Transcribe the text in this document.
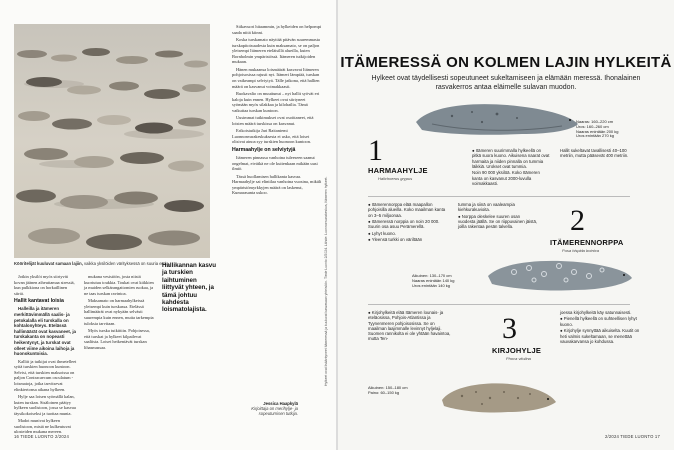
Kööritelijät kuuluvat samaan lajiin, vaikka yksilöiden värityksessä on suuria eroja.

Jotkin yksilöt myös siirtyvät kovan jäänen aiheuttamaa stressiä, kun pulkkiona on horkaillinen siirtä.

Hallit kantavat loisia

Halleilla ja itämeren merkittävimmällä saalis- ja petokalalla eli turskalla on kohtalonyhteys. Etelässä hallimäärät ovat kasvaneet, ja turskakanta on nopeasti heikentynyt, ja turskat ovat olleet viime aikoina laihoja ja huonokuntoisia.

Kalliit ja tutkijat ovat ihmetelleet syitä turskien huonoon kuntoon. Selvisi, että turskien maksoissa on paljon Contracaecum osculatum -loismatoja, jotka tarvitsevat elinkiertonsa aikana hylkeen.

Hylje saa loisen syömällä kalan, kuten turskan. Sisäloinen päätyy hylkeen suolistoon, jossa se kasvaa täysikokoiseksi ja tuottaa munia.

Madot munivat hylkeen suolistoon, mistä ne kulkeutuvat ulosteiden mukana mereen.

mukana vesistöön, josta niistä kuoriutuu toukkia. Toukat ovat kiikkien ja muiden selkärangattomien ruokaa, ja ne taas turskan ravintoa.

Maksamato on harmaahylkeissä yleisempi kuin turskassa. Etelässä hallimäärät ovat nykyään selvästi suurempia kuin ennen, mutta tarkempia tuloksia tarvitaan.

Myös turska tutkittiin. Pohjoisessa, että turskat ja hylkeet kilpailevat saaliista. Loiset heikentävät turskan lihasmassaa.

Hallikannan kasvu ja turskien laihtuminen liittyvät yhteen, ja tämä johtuu kahdesta loismatolajista.

Siikavuori hitaammin, ja hylkeiden on helpompi saada niitä kiinni.

Koska turskamato näyttää pitävän suuremmasta turskapitoisuudesta kuin maksamato, se on paljon yleisempi Itämeren eteläisillä alueilla, kuten Bornholmin ympäristössä. Itämeren tutkijoiden mukaan.

Hänen mukaansa loismäärät kasvavat Itämeren pohjoisosissa rajusti nyt. Itämeri lämpiää, turskan on vaikeampi selviytyä. Tälle jatkona, että hallien määrä on kasvanut voimakkaasti.

Ruokavalio on muuttunut – nyt hallit syövät eri kaloja kuin ennen. Hylkeet ovat siirtyneet syömään myös silakkaa ja kilohailia. Tämä vaikuttaa turskan kuntoon.

Uusimmat tutkimukset ovat osoittaneet, että loisten määrä turskissa on kasvanut.

Erikoistutkija Jari Raitaniemi Luonnonvarakeskuksesta ei usko, että loiset olisivat ainoa syy turskien huonoon kuntoon.

Harmaahylje on selviytyjä

Itämeren pinnassa vanhoina tuleeseen saanut ongelmat, eivätkä ne ole kuitenkaan mikään uusi ilmiö.

Tässä huollamisen hallikanta kasvaa. Harmaahylje sai elintilaa vanhoina vuosina, mikäli ympäristömyrkkyjen määrä on laskenut, Kumarasanta uskoo.

Jessica Haapkylä
Kirjoittaja on merihylje- ja sopeutumisen tutkija.
Hylkeet ovat lisääntyneet Itämeressä ja kuuluvat kasvavaan yhteisöön. Tiede Luonto 2/2024. Lähde: Luonnonvarakeskus, Itämeren hylkeet.
16 TIEDE LUONTO 2/2024
ITÄMERESSÄ ON KOLMEN LAJIN HYLKEITÄ
Hylkeet ovat täydellisesti sopeutuneet sukeltamiseen ja elämään meressä. Ihonalainen rasvakerros antaa eläimelle sulavan muodon.
Naaras: 160–220 cm
Uros: 160–260 cm
Naaras enintään 200 kg
Uros enintään 270 kg
1
HARMAAHYLJE
Halichoerus grypus

● Itämeren suurimmalla hylkeellä on pitkä suora kuono. Aikuisena naarat ovat harmaita ja niiden pinnalla on tummia läikkiä. Urokset ovat tummia.

Noin 90 000 yksilöä. Koko Itämeren kanta on kasvanut 2000-luvulla voimakkaasti.

Hallit sukeltavat tavallisesti 40–100 metriin, mutta pääsevät 400 metriin.

● Itämerennorppa elää maapallon pohjoisilla alueilla. Koko maailman kanta on 3–5 miljoonaa.

● Itämeressä norppia on noin 20 000. Suurin osa asuu Perämerellä.

● Lyhyt kuono.

● Yleensä turkki on väriltään

tumma ja siinä on vaaleampia kiehkurakuvioita.

● Norppa oleskelee suuren osan vuodesta jäällä. Se on riippuvainen jäistä, joilla rakentaa pesän talvella.	2
ITÄMERENNORPPA
Pusa hispida botnica
Aikuinen: 130–170 cm
Naaras enintään 140 kg
Uros enintään 140 kg

● Kirjohylkeitä elää Itämeren lounais- ja eteläosissa, Pohjois-Atlantissa ja Tyynenmeren pohjoisosissa. Se on maailman laajimmalle levinnyt hyljelaji. Suomen rannikolta ei ole yhtään havaintoa, mutta Ten-	3
KIRJOHYLJE
Phoca vitulina

joessa kirjohylkeitä käy satunnaisesti.

● Pienellä hylkeellä on suhteellisen lyhyt kuono.

● Kirjohylje synnyttää aikuiselta. Kuutit on heti valmis sukeltamaan, se menettää vauvakarvansa jo kohdussa.

Aikuinen: 150–180 cm
Paino: 60–150 kg
2/2024 TIEDE LUONTO 17
